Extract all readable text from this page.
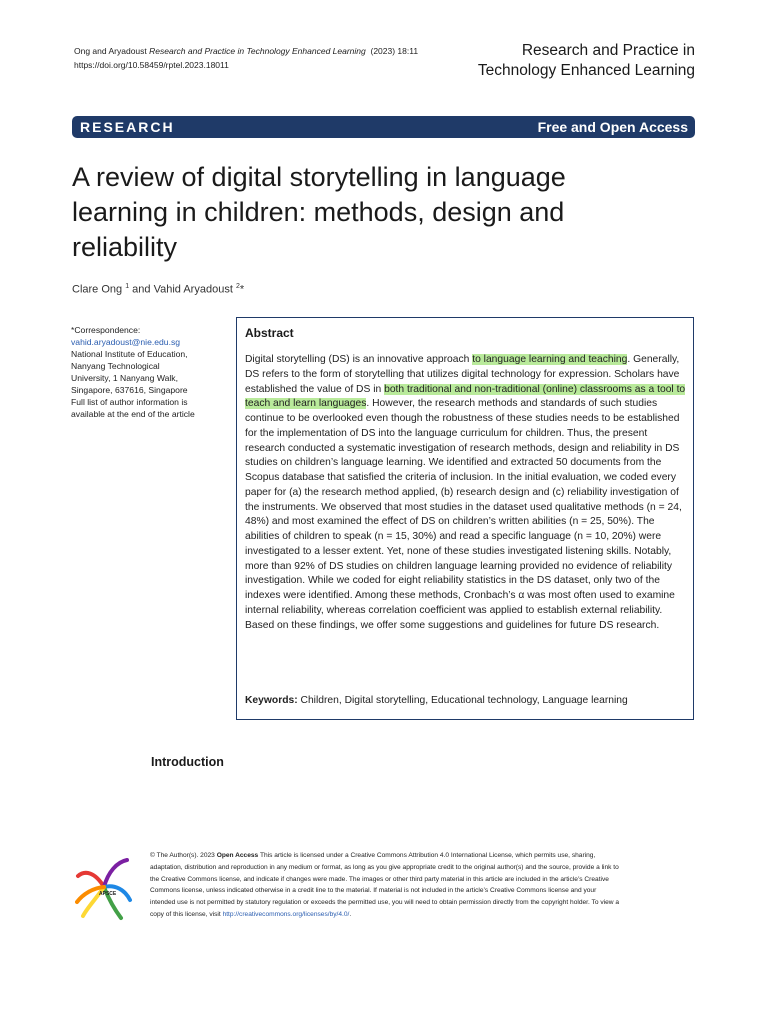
Ong and Aryadoust Research and Practice in Technology Enhanced Learning (2023) 18:11
https://doi.org/10.58459/rptel.2023.18011
Research and Practice in
Technology Enhanced Learning
RESEARCH	Free and Open Access
A review of digital storytelling in language learning in children: methods, design and reliability
Clare Ong $^1$ and Vahid Aryadoust $^2$*
*Correspondence:
vahid.aryadoust@nie.edu.sg
National Institute of Education,
Nanyang Technological
University, 1 Nanyang Walk,
Singapore, 637616, Singapore
Full list of author information is
available at the end of the article
Abstract
Digital storytelling (DS) is an innovative approach to language learning and teaching. Generally, DS refers to the form of storytelling that utilizes digital technology for expression. Scholars have established the value of DS in both traditional and non-traditional (online) classrooms as a tool to teach and learn languages. However, the research methods and standards of such studies continue to be overlooked even though the robustness of these studies needs to be established for the implementation of DS into the language curriculum for children. Thus, the present research conducted a systematic investigation of research methods, design and reliability in DS studies on children’s language learning. We identified and extracted 50 documents from the Scopus database that satisfied the criteria of inclusion. In the initial evaluation, we coded every paper for (a) the research method applied, (b) research design and (c) reliability investigation of the instruments. We observed that most studies in the dataset used qualitative methods (n = 24, 48%) and most examined the effect of DS on children’s written abilities (n = 25, 50%). The abilities of children to speak (n = 15, 30%) and read a specific language (n = 10, 20%) were investigated to a lesser extent. Yet, none of these studies investigated listening skills. Notably, more than 92% of DS studies on children language learning provided no evidence of reliability investigation. While we coded for eight reliability statistics in the DS dataset, only two of the indexes were identified. Among these methods, Cronbach’s α was most often used to examine internal reliability, whereas correlation coefficient was applied to establish external reliability. Based on these findings, we offer some suggestions and guidelines for future DS research.
Keywords: Children, Digital storytelling, Educational technology, Language learning
Introduction
APSCE
© The Author(s). 2023 Open Access This article is licensed under a Creative Commons Attribution 4.0 International License, which permits use, sharing, adaptation, distribution and reproduction in any medium or format, as long as you give appropriate credit to the original author(s) and the source, provide a link to the Creative Commons license, and indicate if changes were made. The images or other third party material in this article are included in the article’s Creative Commons license, unless indicated otherwise in a credit line to the material. If material is not included in the article’s Creative Commons license and your intended use is not permitted by statutory regulation or exceeds the permitted use, you will need to obtain permission directly from the copyright holder. To view a copy of this license, visit http://creativecommons.org/licenses/by/4.0/.
